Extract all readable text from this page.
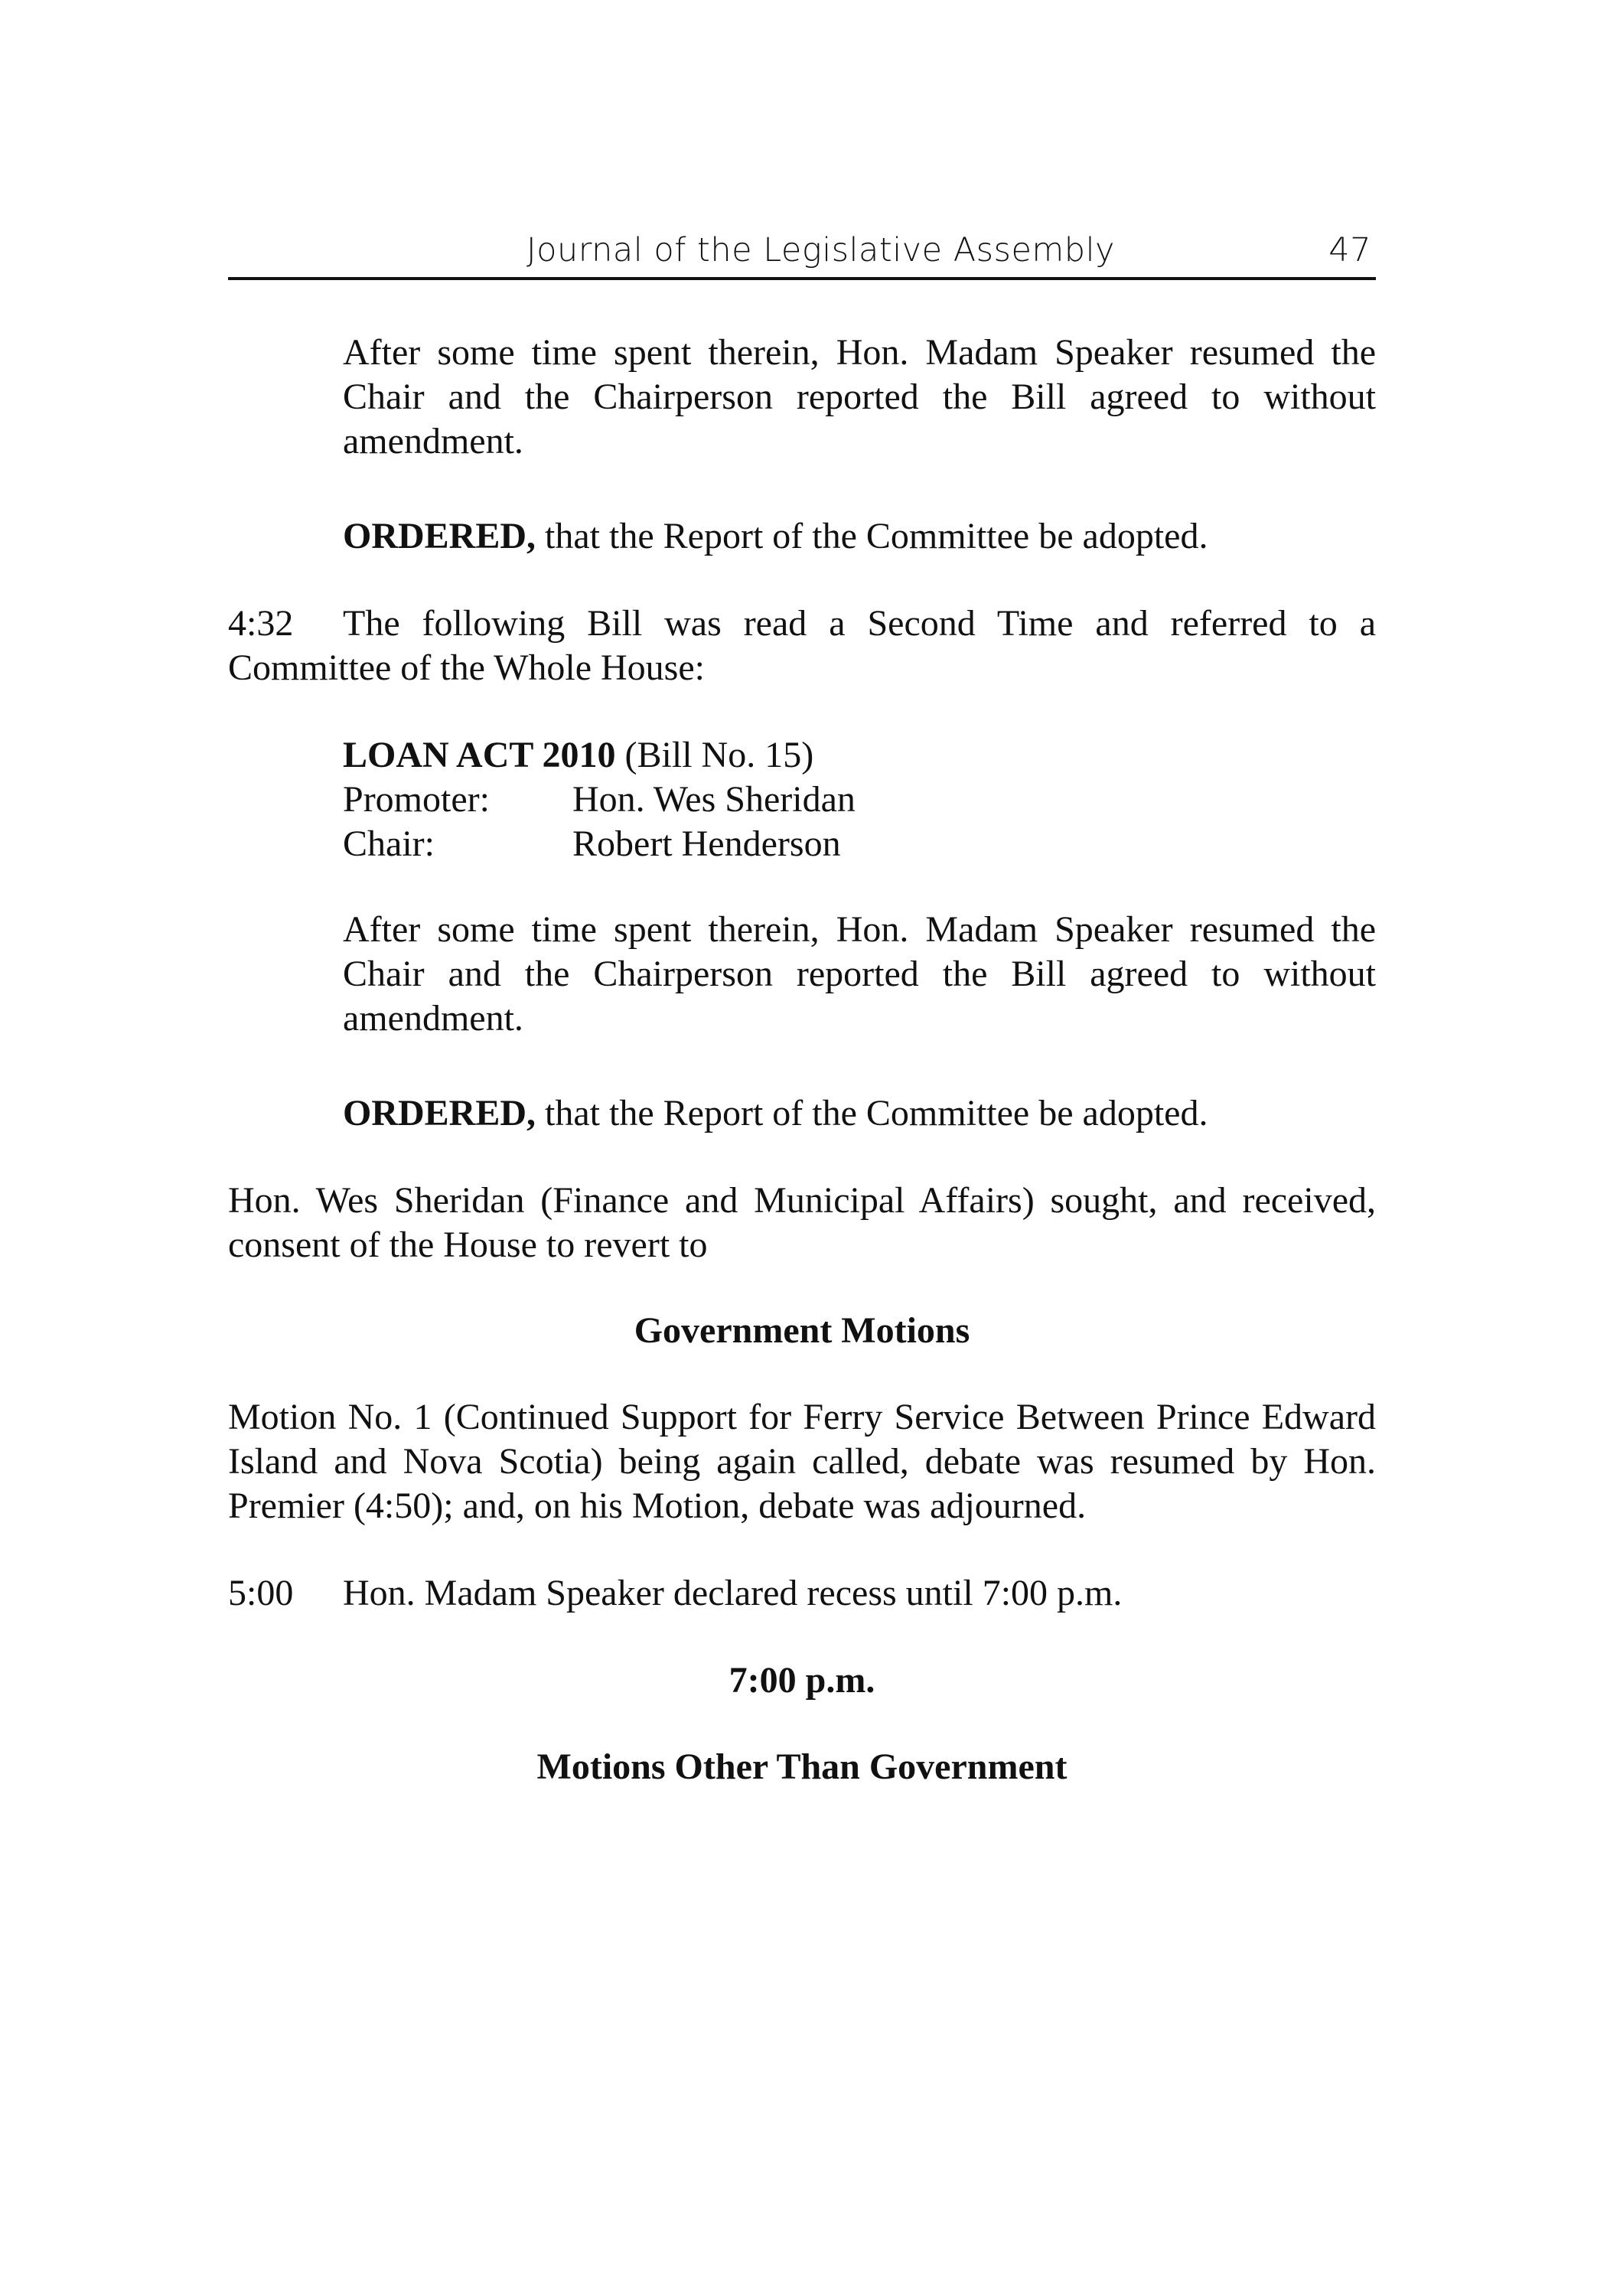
Journal of the Legislative Assembly	47
After some time spent therein, Hon. Madam Speaker resumed the Chair and the Chairperson reported the Bill agreed to without amendment.
ORDERED, that the Report of the Committee be adopted.
4:32 The following Bill was read a Second Time and referred to a Committee of the Whole House:
LOAN ACT 2010 (Bill No. 15)
Promoter: Hon. Wes Sheridan
Chair:	Robert Henderson
After some time spent therein, Hon. Madam Speaker resumed the Chair and the Chairperson reported the Bill agreed to without amendment.
ORDERED, that the Report of the Committee be adopted.
Hon. Wes Sheridan (Finance and Municipal Affairs) sought, and received, consent of the House to revert to
Government Motions
Motion No. 1 (Continued Support for Ferry Service Between Prince Edward Island and Nova Scotia) being again called, debate was resumed by Hon. Premier (4:50); and, on his Motion, debate was adjourned.
5:00 Hon. Madam Speaker declared recess until 7:00 p.m.
7:00 p.m.
Motions Other Than Government
